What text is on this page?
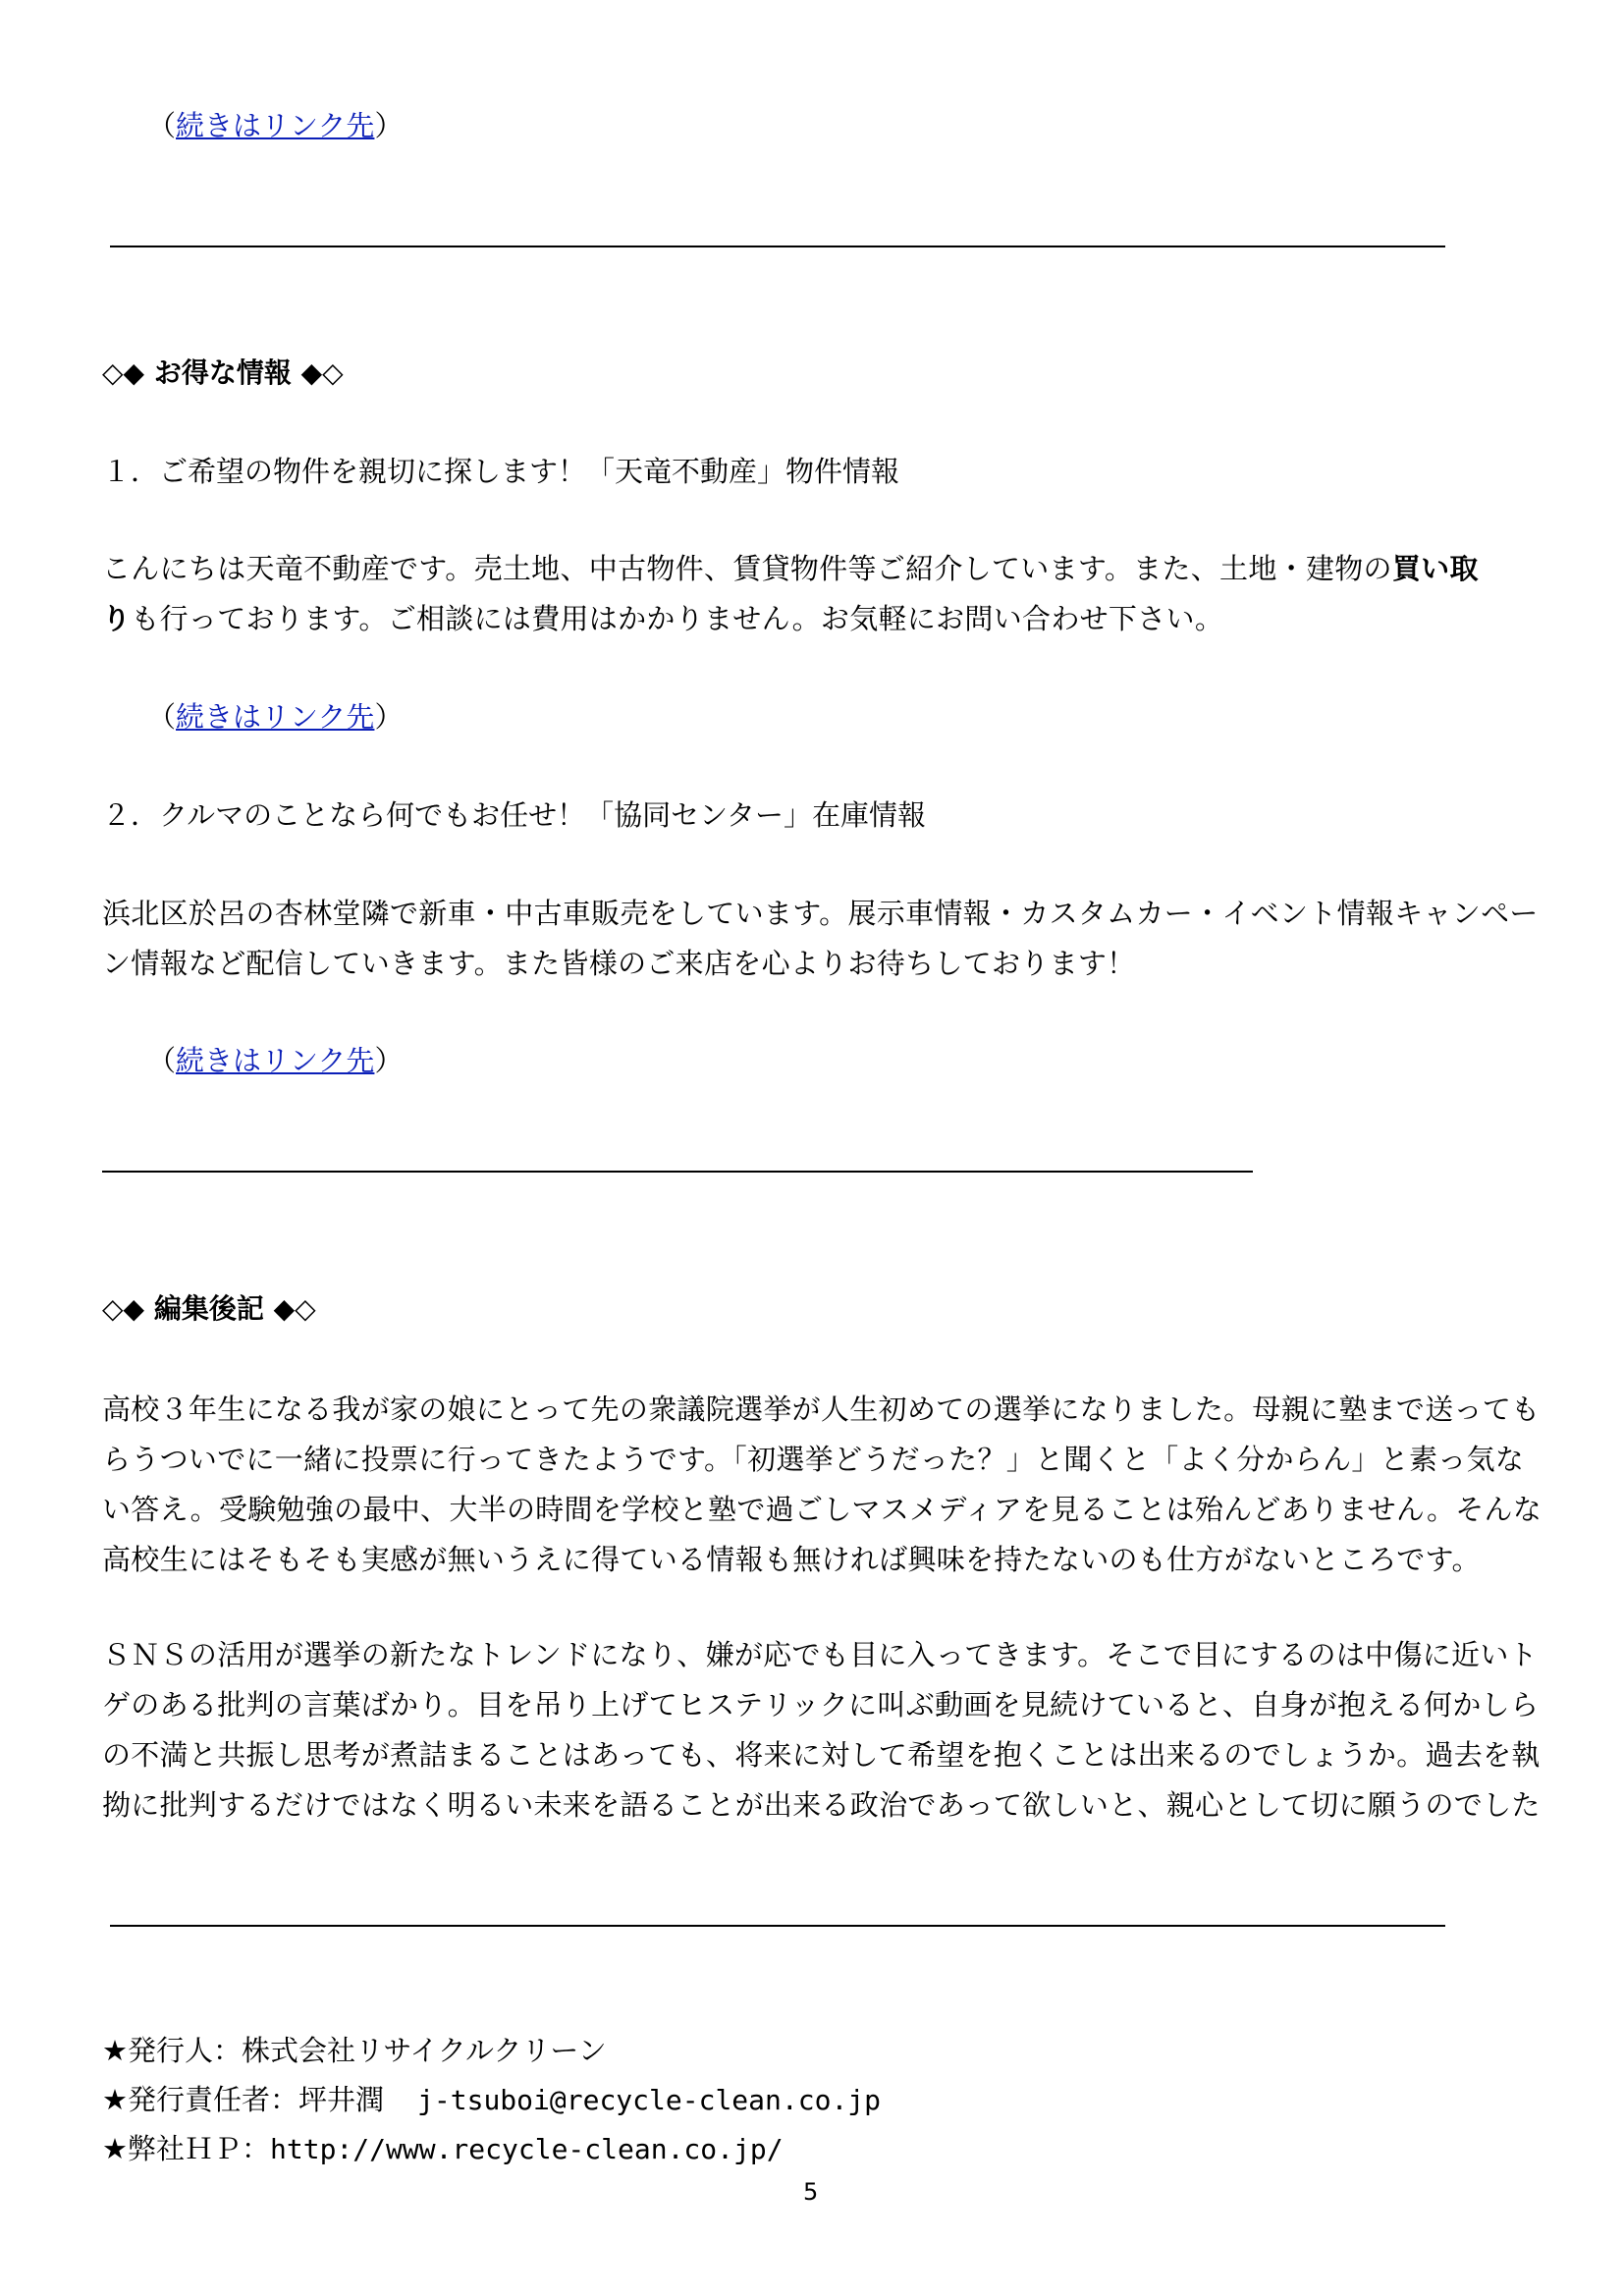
（続きはリンク先）
◇◆ お得な情報 ◆◇
１．ご希望の物件を親切に探します！「天竜不動産」物件情報
こんにちは天竜不動産です。売土地、中古物件、賃貸物件等ご紹介しています。また、土地・建物の買い取
りも行っております。ご相談には費用はかかりません。お気軽にお問い合わせ下さい。
（続きはリンク先）
２．クルマのことなら何でもお任せ！「協同センター」在庫情報
浜北区於呂の杏林堂隣で新車・中古車販売をしています。展示車情報・カスタムカー・イベント情報キャンペー
ン情報など配信していきます。また皆様のご来店を心よりお待ちしております！
（続きはリンク先）
◇◆ 編集後記 ◆◇
高校３年生になる我が家の娘にとって先の衆議院選挙が人生初めての選挙になりました。母親に塾まで送っても
らうついでに一緒に投票に行ってきたようです。「初選挙どうだった？」と聞くと「よく分からん」と素っ気な
い答え。受験勉強の最中、大半の時間を学校と塾で過ごしマスメディアを見ることは殆んどありません。そんな
高校生にはそもそも実感が無いうえに得ている情報も無ければ興味を持たないのも仕方がないところです。
ＳＮＳの活用が選挙の新たなトレンドになり、嫌が応でも目に入ってきます。そこで目にするのは中傷に近いト
ゲのある批判の言葉ばかり。目を吊り上げてヒステリックに叫ぶ動画を見続けていると、自身が抱える何かしら
の不満と共振し思考が煮詰まることはあっても、将来に対して希望を抱くことは出来るのでしょうか。過去を執
拗に批判するだけではなく明るい未来を語ることが出来る政治であって欲しいと、親心として切に願うのでした
★発行人：株式会社リサイクルクリーン
★発行責任者：坪井潤 j-tsuboi@recycle-clean.co.jp
★弊社ＨＰ：http://www.recycle-clean.co.jp/
5
